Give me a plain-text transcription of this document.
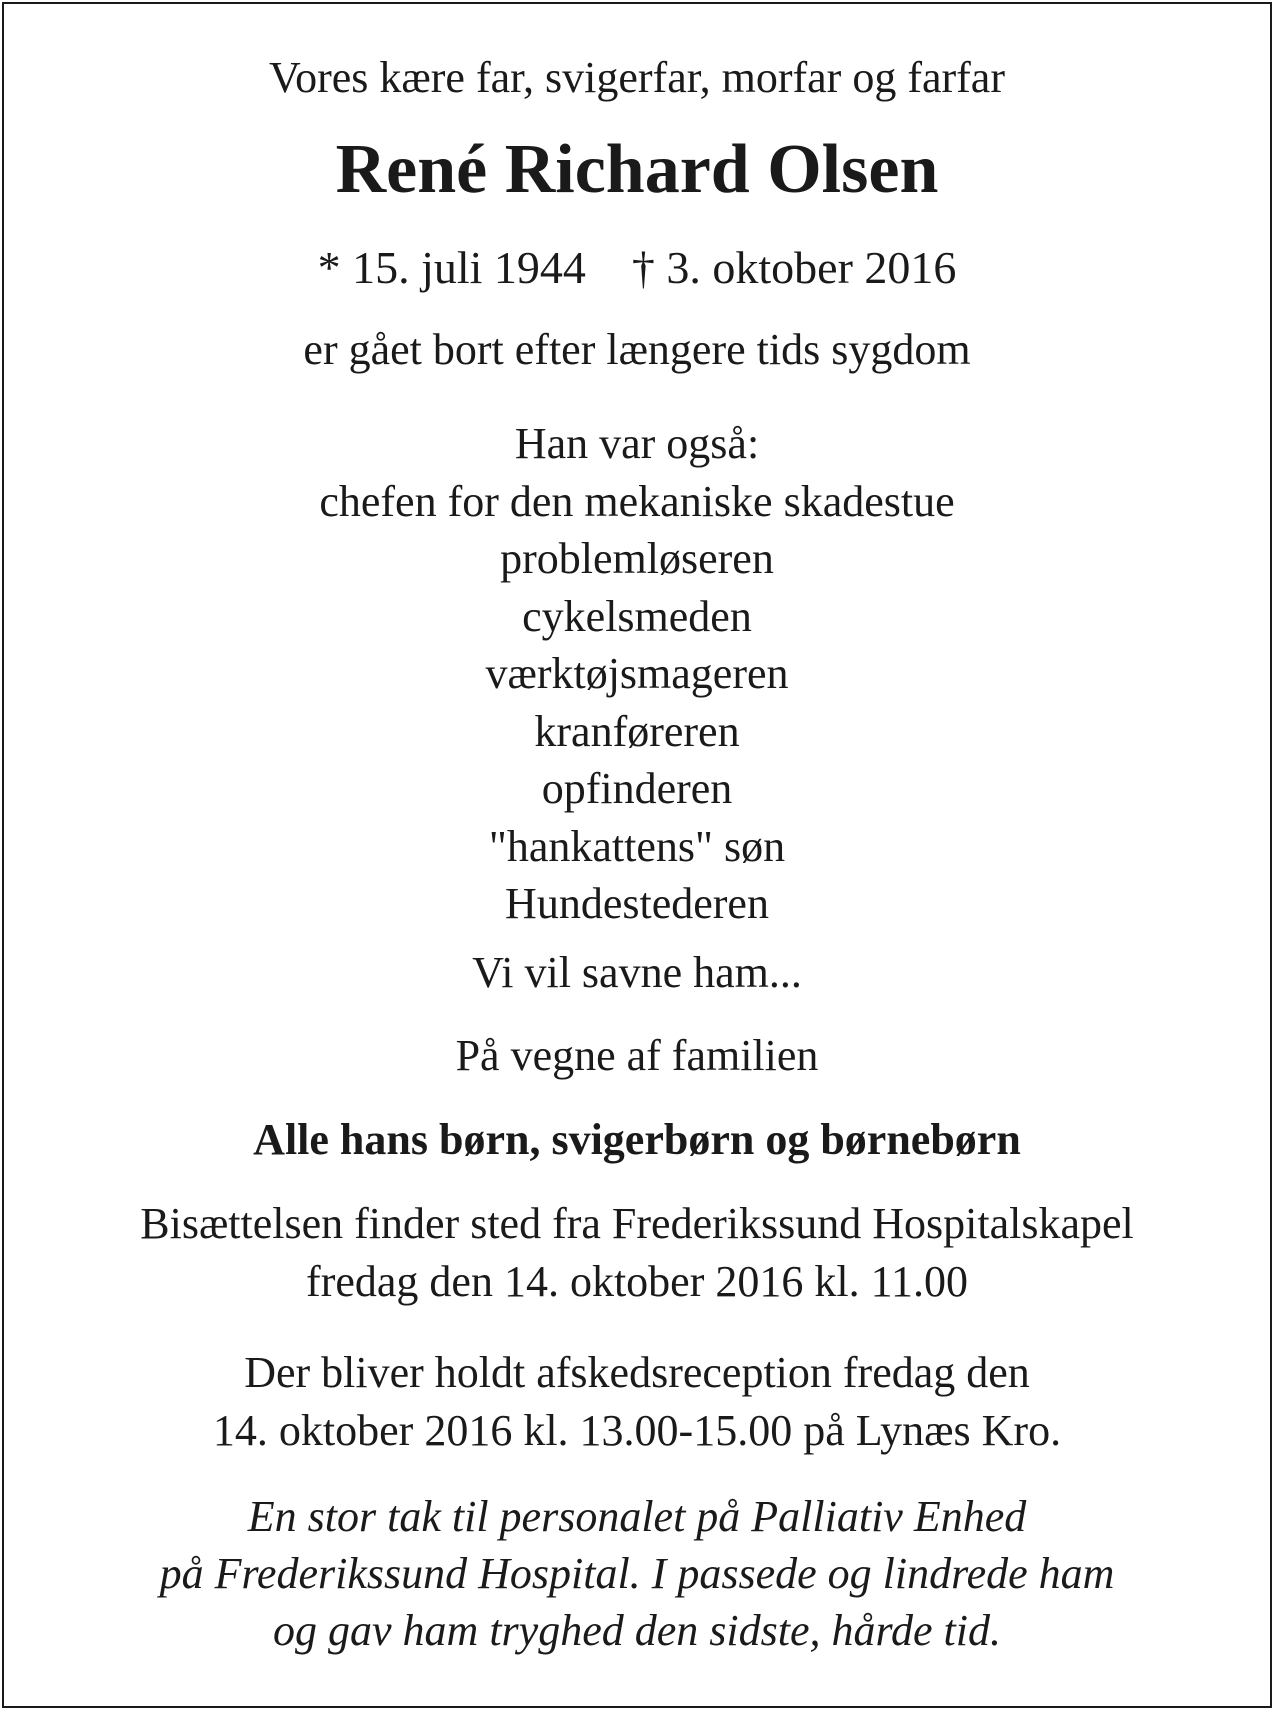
Vores kære far, svigerfar, morfar og farfar
René Richard Olsen
* 15. juli 1944 † 3. oktober 2016
er gået bort efter længere tids sygdom
Han var også:
chefen for den mekaniske skadestue
problemløseren
cykelsmeden
værktøjsmageren
kranføreren
opfinderen
"hankattens" søn
Hundestederen
Vi vil savne ham...
På vegne af familien
Alle hans børn, svigerbørn og børnebørn
Bisættelsen finder sted fra Frederikssund Hospitalskapel
fredag den 14. oktober 2016 kl. 11.00
Der bliver holdt afskedsreception fredag den
14. oktober 2016 kl. 13.00-15.00 på Lynæs Kro.
En stor tak til personalet på Palliativ Enhed
på Frederikssund Hospital. I passede og lindrede ham
og gav ham tryghed den sidste, hårde tid.
